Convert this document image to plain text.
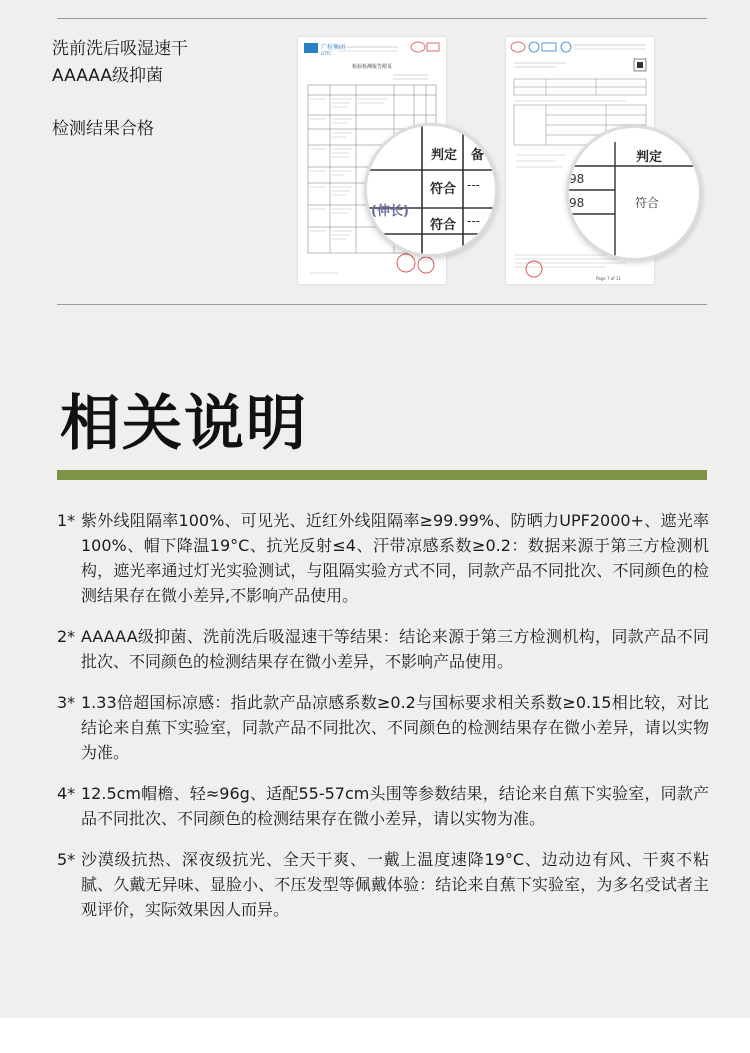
洗前洗后吸湿速干
AAAAA级抑菌
检测结果合格
广检集团
GTTC
检验检测报告附页
判定 备
符合 ---
(伸长)
符合 ---
Page 7 of 11
判定
98
98	符合
相关说明
1* 紫外线阻隔率100%、可见光、近红外线阻隔率≥99.99%、防晒力UPF2000+、遮光率100%、帽下降温19°C、抗光反射≤4、汗带凉感系数≥0.2：数据来源于第三方检测机构，遮光率通过灯光实验测试，与阻隔实验方式不同，同款产品不同批次、不同颜色的检测结果存在微小差异,不影响产品使用。
2* AAAAA级抑菌、洗前洗后吸湿速干等结果：结论来源于第三方检测机构，同款产品不同批次、不同颜色的检测结果存在微小差异，不影响产品使用。
3* 1.33倍超国标凉感：指此款产品凉感系数≥0.2与国标要求相关系数≥0.15相比较，对比结论来自蕉下实验室，同款产品不同批次、不同颜色的检测结果存在微小差异，请以实物为准。
4* 12.5cm帽檐、轻≈96g、适配55-57cm头围等参数结果，结论来自蕉下实验室，同款产品不同批次、不同颜色的检测结果存在微小差异，请以实物为准。
5* 沙漠级抗热、深夜级抗光、全天干爽、一戴上温度速降19°C、边动边有风、干爽不粘腻、久戴无异味、显脸小、不压发型等佩戴体验：结论来自蕉下实验室，为多名受试者主观评价，实际效果因人而异。
